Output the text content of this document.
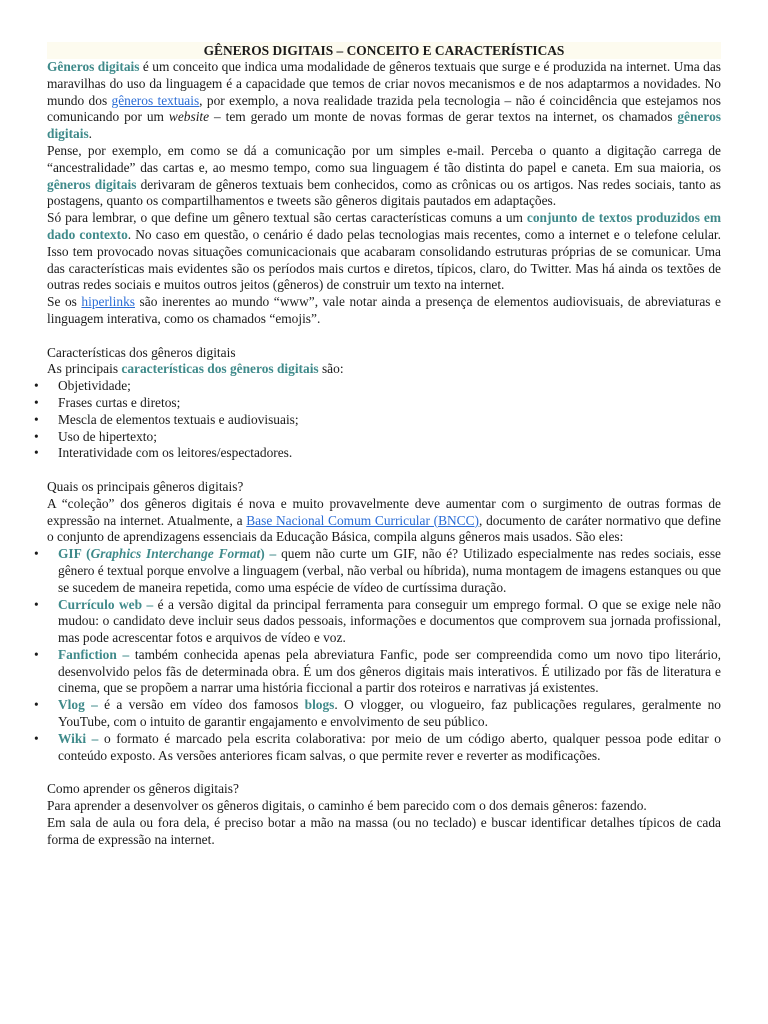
GÊNEROS DIGITAIS – CONCEITO E CARACTERÍSTICAS

Gêneros digitais é um conceito que indica uma modalidade de gêneros textuais que surge e é produzida na internet. Uma das maravilhas do uso da linguagem é a capacidade que temos de criar novos mecanismos e de nos adaptarmos a novidades. No mundo dos gêneros textuais, por exemplo, a nova realidade trazida pela tecnologia – não é coincidência que estejamos nos comunicando por um website – tem gerado um monte de novas formas de gerar textos na internet, os chamados gêneros digitais.

Pense, por exemplo, em como se dá a comunicação por um simples e-mail. Perceba o quanto a digitação carrega de “ancestralidade” das cartas e, ao mesmo tempo, como sua linguagem é tão distinta do papel e caneta. Em sua maioria, os gêneros digitais derivaram de gêneros textuais bem conhecidos, como as crônicas ou os artigos. Nas redes sociais, tanto as postagens, quanto os compartilhamentos e tweets são gêneros digitais pautados em adaptações.

Só para lembrar, o que define um gênero textual são certas características comuns a um conjunto de textos produzidos em dado contexto. No caso em questão, o cenário é dado pelas tecnologias mais recentes, como a internet e o telefone celular. Isso tem provocado novas situações comunicacionais que acabaram consolidando estruturas próprias de se comunicar. Uma das características mais evidentes são os períodos mais curtos e diretos, típicos, claro, do Twitter. Mas há ainda os textões de outras redes sociais e muitos outros jeitos (gêneros) de construir um texto na internet.

Se os hiperlinks são inerentes ao mundo “www”, vale notar ainda a presença de elementos audiovisuais, de abreviaturas e linguagem interativa, como os chamados “emojis”.

Características dos gêneros digitais

As principais características dos gêneros digitais são:

• Objetividade;
• Frases curtas e diretos;
• Mescla de elementos textuais e audiovisuais;
• Uso de hipertexto;
• Interatividade com os leitores/espectadores.

Quais os principais gêneros digitais?

A “coleção” dos gêneros digitais é nova e muito provavelmente deve aumentar com o surgimento de outras formas de expressão na internet. Atualmente, a Base Nacional Comum Curricular (BNCC), documento de caráter normativo que define o conjunto de aprendizagens essenciais da Educação Básica, compila alguns gêneros mais usados. São eles:

• GIF (Graphics Interchange Format) – quem não curte um GIF, não é? Utilizado especialmente nas redes sociais, esse gênero é textual porque envolve a linguagem (verbal, não verbal ou híbrida), numa montagem de imagens estanques ou que se sucedem de maneira repetida, como uma espécie de vídeo de curtíssima duração.
• Currículo web – é a versão digital da principal ferramenta para conseguir um emprego formal. O que se exige nele não mudou: o candidato deve incluir seus dados pessoais, informações e documentos que comprovem sua jornada profissional, mas pode acrescentar fotos e arquivos de vídeo e voz.
• Fanfiction – também conhecida apenas pela abreviatura Fanfic, pode ser compreendida como um novo tipo literário, desenvolvido pelos fãs de determinada obra. É um dos gêneros digitais mais interativos. É utilizado por fãs de literatura e cinema, que se propõem a narrar uma história ficcional a partir dos roteiros e narrativas já existentes.
• Vlog – é a versão em vídeo dos famosos blogs. O vlogger, ou vlogueiro, faz publicações regulares, geralmente no YouTube, com o intuito de garantir engajamento e envolvimento de seu público.
• Wiki – o formato é marcado pela escrita colaborativa: por meio de um código aberto, qualquer pessoa pode editar o conteúdo exposto. As versões anteriores ficam salvas, o que permite rever e reverter as modificações.

Como aprender os gêneros digitais?

Para aprender a desenvolver os gêneros digitais, o caminho é bem parecido com o dos demais gêneros: fazendo.

Em sala de aula ou fora dela, é preciso botar a mão na massa (ou no teclado) e buscar identificar detalhes típicos de cada forma de expressão na internet.
